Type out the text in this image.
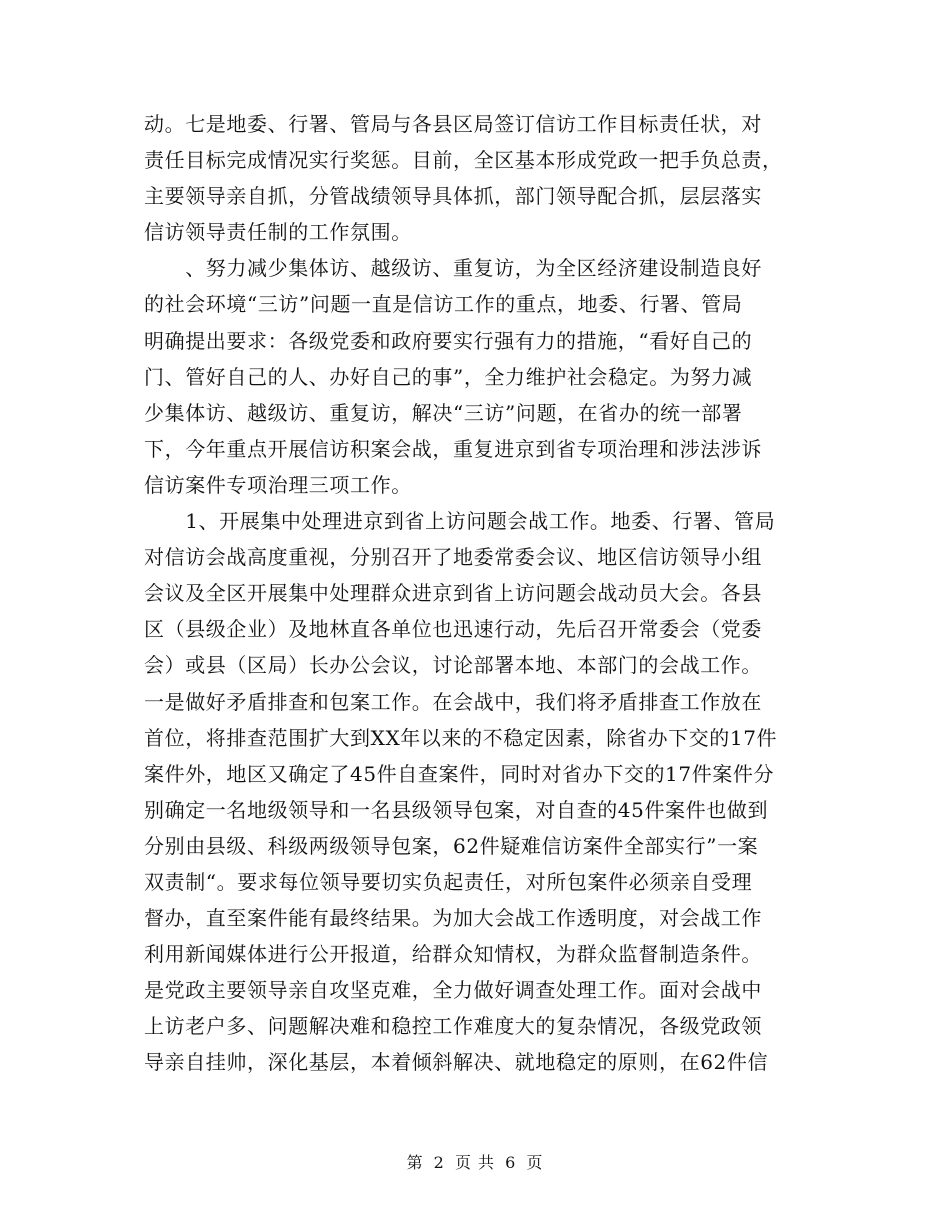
动。七是地委、行署、管局与各县区局签订信访工作目标责任状，对
责任目标完成情况实行奖惩。目前，全区基本形成党政一把手负总责，
主要领导亲自抓，分管战绩领导具体抓，部门领导配合抓，层层落实
信访领导责任制的工作氛围。
　　、努力减少集体访、越级访、重复访，为全区经济建设制造良好
的社会环境“三访”问题一直是信访工作的重点，地委、行署、管局
明确提出要求：各级党委和政府要实行强有力的措施，“看好自己的
门、管好自己的人、办好自己的事”，全力维护社会稳定。为努力减
少集体访、越级访、重复访，解决“三访”问题，在省办的统一部署
下，今年重点开展信访积案会战，重复进京到省专项治理和涉法涉诉
信访案件专项治理三项工作。
　　1、开展集中处理进京到省上访问题会战工作。地委、行署、管局
对信访会战高度重视，分别召开了地委常委会议、地区信访领导小组
会议及全区开展集中处理群众进京到省上访问题会战动员大会。各县
区（县级企业）及地林直各单位也迅速行动，先后召开常委会（党委
会）或县（区局）长办公会议，讨论部署本地、本部门的会战工作。
一是做好矛盾排查和包案工作。在会战中，我们将矛盾排查工作放在
首位，将排查范围扩大到XX年以来的不稳定因素，除省办下交的17件
案件外，地区又确定了45件自查案件，同时对省办下交的17件案件分
别确定一名地级领导和一名县级领导包案，对自查的45件案件也做到
分别由县级、科级两级领导包案，62件疑难信访案件全部实行”一案
双责制“。要求每位领导要切实负起责任，对所包案件必须亲自受理
督办，直至案件能有最终结果。为加大会战工作透明度，对会战工作
利用新闻媒体进行公开报道，给群众知情权，为群众监督制造条件。
是党政主要领导亲自攻坚克难，全力做好调查处理工作。面对会战中
上访老户多、问题解决难和稳控工作难度大的复杂情况，各级党政领
导亲自挂帅，深化基层，本着倾斜解决、就地稳定的原则，在62件信
第 2 页 共 6 页
